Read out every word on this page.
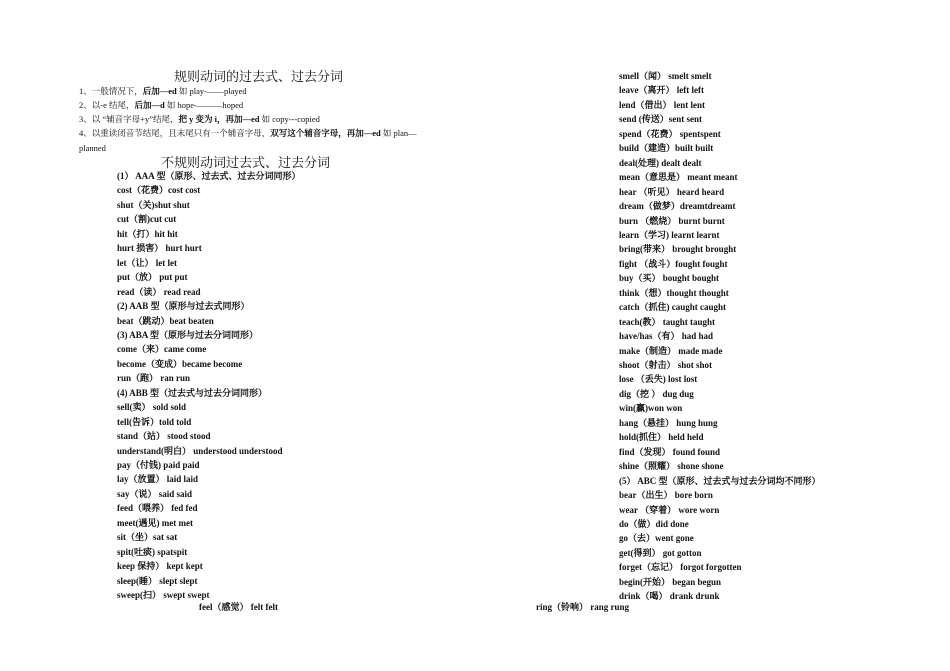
规则动词的过去式、过去分词
1、一般情况下，后加—ed 如 play-——played
2、以-e 结尾，后加—d 如 hope-———hoped
3、以 “辅音字母+y”结尾，把 y 变为 i，再加—ed 如 copy---copied
4、以重读闭音节结尾，且末尾只有一个辅音字母，双写这个辅音字母，再加—ed 如 plan—
planned
不规则动词过去式、过去分词
(1） AAA 型（原形、过去式、过去分词同形）
cost（花费）cost cost
shut（关)shut shut
cut（割)cut cut
hit（打）hit hit
hurt 损害） hurt hurt
let（让） let let
put（放） put put
read（读） read read
(2) AAB 型（原形与过去式同形）
beat（跳动）beat beaten
(3) ABA 型（原形与过去分词同形）
come（来）came come
become（变成）became become
run（跑） ran run
(4) ABB 型（过去式与过去分词同形）
sell(卖） sold sold
tell(告诉）told told
stand（站） stood stood
understand(明白） understood understood
pay（付钱) paid paid
lay（放置） laid laid
say（说） said said
feed（喂养） fed fed
meet(遇见) met met
sit（坐）sat sat
spit(吐痰) spatspit
keep 保持） kept kept
sleep(睡） slept slept
sweep(扫） swept swept
smell（闻） smelt smelt
leave（离开） left left
lend（借出） lent lent
send (传送）sent sent
spend（花费） spentspent
build（建造）built built
deal(处理) dealt dealt
mean（意思是） meant meant
hear （听见） heard heard
dream（做梦）dreamtdreamt
burn （燃烧） burnt burnt
learn（学习) learnt learnt
bring(带来） brought brought
fight （战斗）fought fought
buy（买） bought bought
think（想）thought thought
catch（抓住) caught caught
teach(教） taught taught
have/has（有） had had
make（制造） made made
shoot（射击） shot shot
lose （丢失) lost lost
dig（挖 ） dug dug
win(赢)won won
hang（悬挂） hung hung
hold(抓住） held held
find（发现） found found
shine（照耀） shone shone
(5） ABC 型（原形、过去式与过去分词均不同形）
bear（出生） bore born
wear （穿着） wore worn
do（做）did done
go（去）went gone
get(得到） got gotton
forget（忘记） forgot forgotten
begin(开始） began begun
drink（喝） drank drunk
feel（感觉） felt felt	ring（铃响） rang rung
